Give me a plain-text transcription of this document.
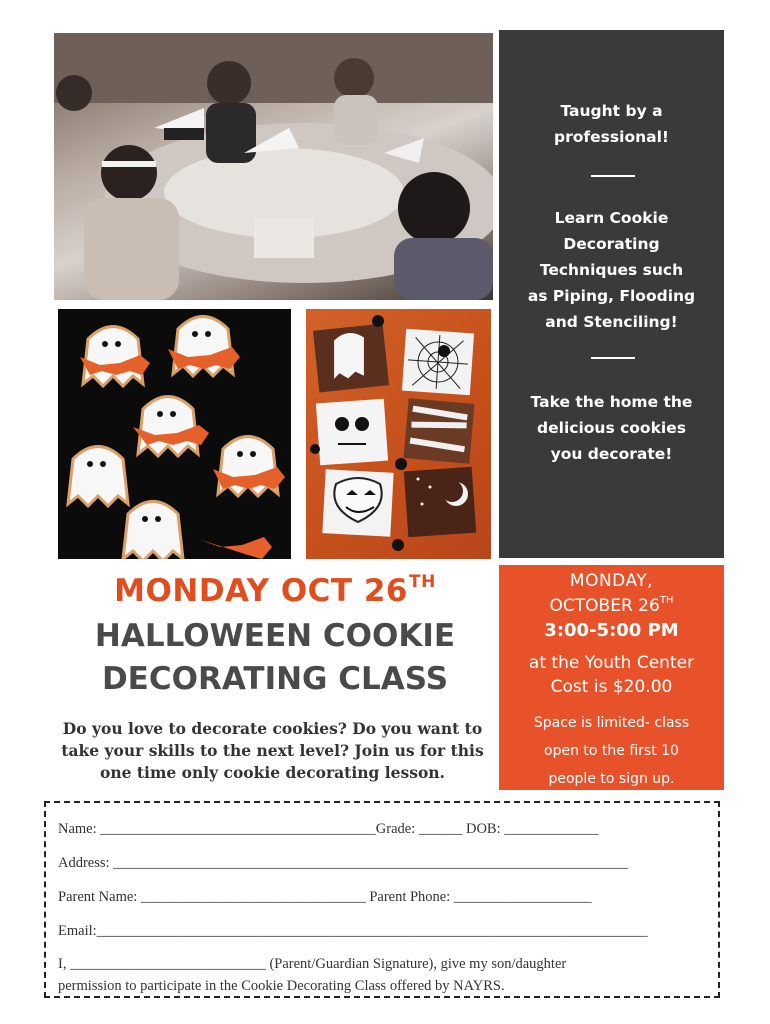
Taught by a
professional!
Learn Cookie
Decorating
Techniques such
as Piping, Flooding
and Stenciling!
Take the home the
delicious cookies
you decorate!
MONDAY OCT 26TH
HALLOWEEN COOKIE
DECORATING CLASS
Do you love to decorate cookies? Do you want to
take your skills to the next level? Join us for this
one time only cookie decorating lesson.
MONDAY,
OCTOBER 26TH
3:00-5:00 PM
at the Youth Center
Cost is $20.00
Space is limited- class
open to the first 10
people to sign up.
Name: ______________________________________Grade: ______ DOB: _____________
Address: _______________________________________________________________________
Parent Name: _______________________________ Parent Phone: ___________________
Email:____________________________________________________________________________
I, ___________________________ (Parent/Guardian Signature), give my son/daughter
permission to participate in the Cookie Decorating Class offered by NAYRS.
